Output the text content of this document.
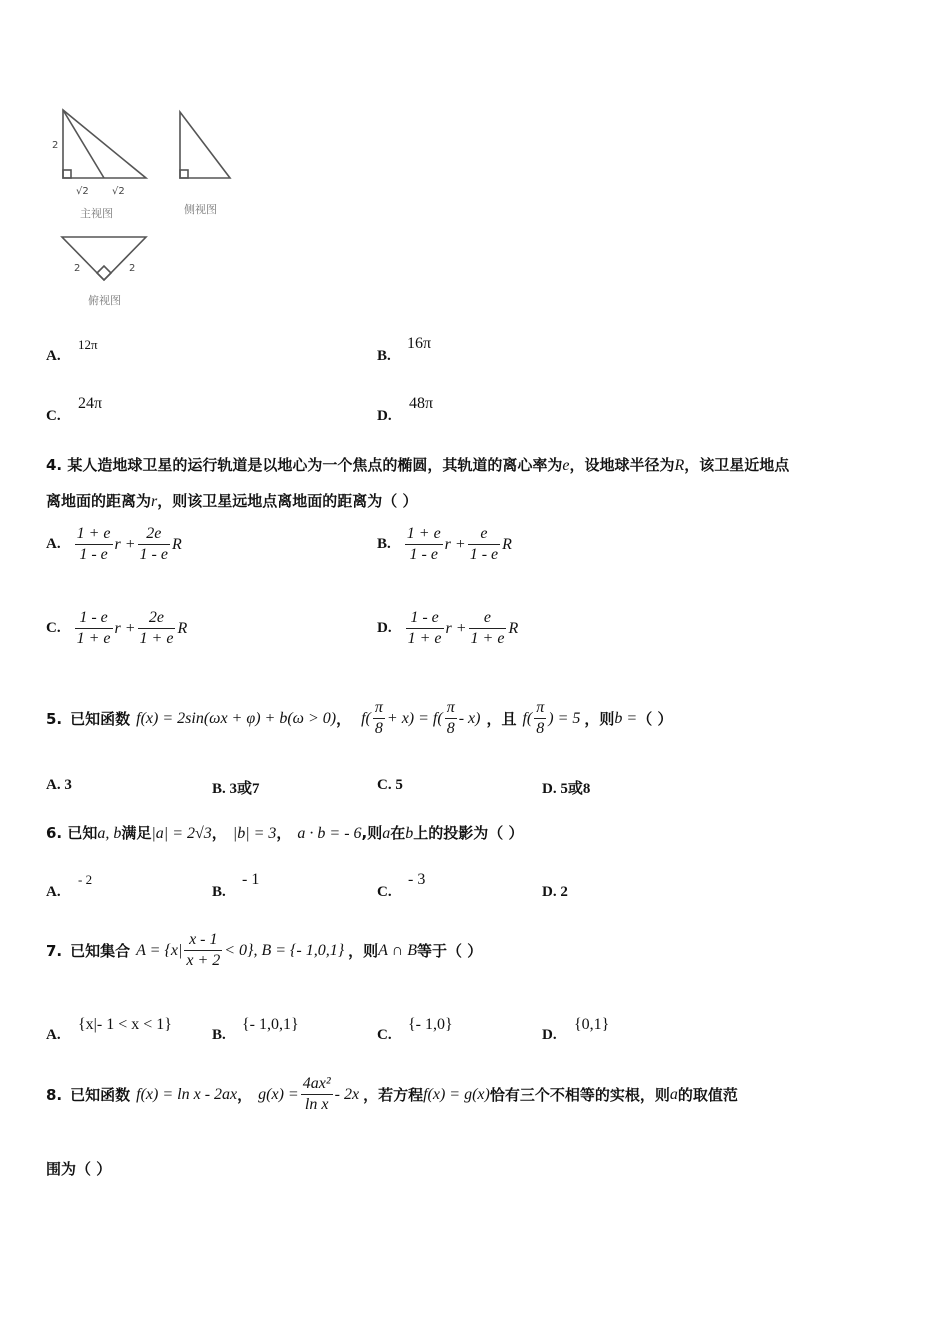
2
√2 √2
主视图	侧视图
2	2
俯视图
A.
12π
B.
16π
C.
24π
D.
48π
4. 某人造地球卫星的运行轨道是以地心为一个焦点的椭圆，其轨道的离心率为e，设地球半径为R，该卫星近地点
离地面的距离为r，则该卫星远地点离地面的距离为（ ）
A. $\frac{1 + e}{1 - e}$ $r + \frac{2e}{1 - e}$ R	B. $\frac{1 + e}{1 - e}$ $r + \frac{e}{1 - e}$ R
C. $\frac{1 - e}{1 + e}$ $r + \frac{2e}{1 + e}$ R	D. $\frac{1 - e}{1 + e}$ $r + \frac{e}{1 + e}$ R
5. 已知函数 f(x) = 2sin(ωx + φ) + b(ω > 0) ， $f( \frac{\pi}{8} + x) = f( \frac{\pi}{8} - x)$ ，且 $f( \frac{\pi}{8}$ ) = 5 ，则 b = （ ）
A. 3	B. 3或7	C. 5	D. 5或8
6. 已知a, b满足|a| = 2√3， |b| = 3， a · b = - 6,则a在b上的投影为（ ）
A.
- 2
B.
- 1
C.
- 3
D. 2
7. 已知集合 $A = \{x| \frac{x - 1}{x + 2} < 0\}$, B = {- 1,0,1} ，则 A ∩ B 等于（ ）
A.
{x|- 1 < x < 1}
B.
{- 1,0,1}
C.
{- 1,0}
D.
{0,1}
8. 已知函数 f(x) = ln x - 2ax ， $g(x) = \frac{\text{4ax²}}{\text{ln x}} - 2x$ ，若方程 f(x) = g(x) 恰有三个不相等的实根，则 a 的取值范
围为（ ）
